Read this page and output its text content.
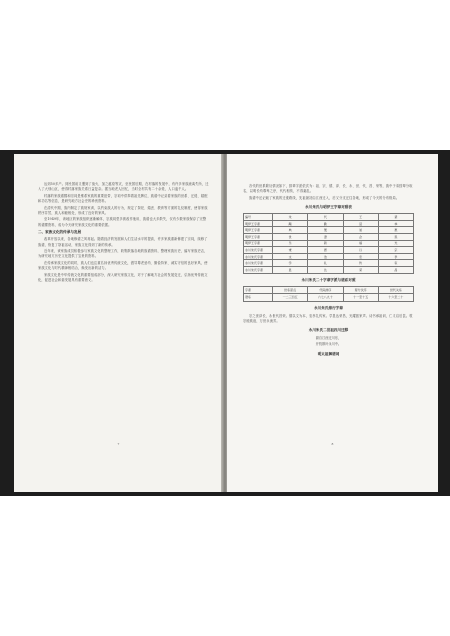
达到50多户。到民国前又遭到了战火，加之瘟疫等灾，至民国后期，在村落的发展中，有许多家族流离失所，迁入了大别山区，使得村落家族关系日益复杂。据当地老人回忆，当时全村共有二十余姓，人口逾千人。

村落的家族谱牒和宗祠是维系家族的重要纽带，宗祠中供奉着祖先牌位，族谱中记录着家族的世系、迁徙、婚配和功名等信息，是研究地方社会史的珍贵资料。

在清代中期，族内制定了族规家训，以约束族人的行为，规定了祭祀、婚丧、教育等方面的礼仪制度，使得家族秩序井然，族人和睦相处，形成了良好的家风。

至1949年，该地区的家族组织逐渐解体，宗族祠堂多被改作他用，族谱也大多散失，仅有少数家族保存了完整的谱牒资料，成为今天研究家族文化的重要依据。

二、家族文化的传承与发展

改革开放以来，各地修谱之风再起。随着经济的发展和人们生活水平的提高，许多家族重新修建了宗祠，续修了族谱，恢复了祭祖活动，家族文化得到了新的传承。

近年来，该家族成员积极参与家族文化的整理工作，收集散落各地的族谱资料，整理家族历史，编写家族史志，为研究地方历史文化提供了宝贵的资料。

在传承家族文化的同时，族人们也注重弘扬优秀传统文化，倡导尊老爱幼、勤俭持家、诚实守信的良好家风，使家族文化与时代精神相结合，焕发出新的活力。

家族文化是中华传统文化的重要组成部分，深入研究家族文化，对于了解地方社会的发展变迁，弘扬优秀传统文化，促进社会和谐发展具有重要意义。

7

各代的世系繁衍情况如下，排辈字派依次为：祖、宗、德、泽、长、永、世、代、昌、荣等，族中子弟按辈分取名，以明长幼尊卑之序，代代相传，不得紊乱。

族谱中还记载了家族的迁徙路线，先祖最初由江西迁入，后又分支迁往各地，形成了今天的分布格局。

永川朱氏与明伊王字辈对照表
编号	朱	代	王	辈
明伊王字辈	颙	勤	诏	恭
明伊王字辈	典	褒	旭	惠
明伊王字辈	世	澄	企	思
明伊王字辈	乐	新	端	光
永川朱氏字辈	秉	德	以	宗
永川朱氏字辈	文	治	忠	孝
永川朱氏字辈	学	礼	传	家
永川朱氏字辈	显	达	荣	昌
永川朱氏二十字辈字派与谱系对照
字辈	世系起点	代际排序	辈分次序	世代关系
谱系	一二三四五	六七八九十	十一至十五	十六至二十
永川朱氏排行字辈

宗之世泽长，永世代昌荣。德以文为本，忠孝礼传家。学显达荣昌，光耀振家声。诗书承祖训，仁义启后昆。敦宗睦族谊，万世永流芳。

永川朱氏二世祖四川迁移

源自江西迁川东，

开枝散叶永川中。

明太祖御谱词
8
